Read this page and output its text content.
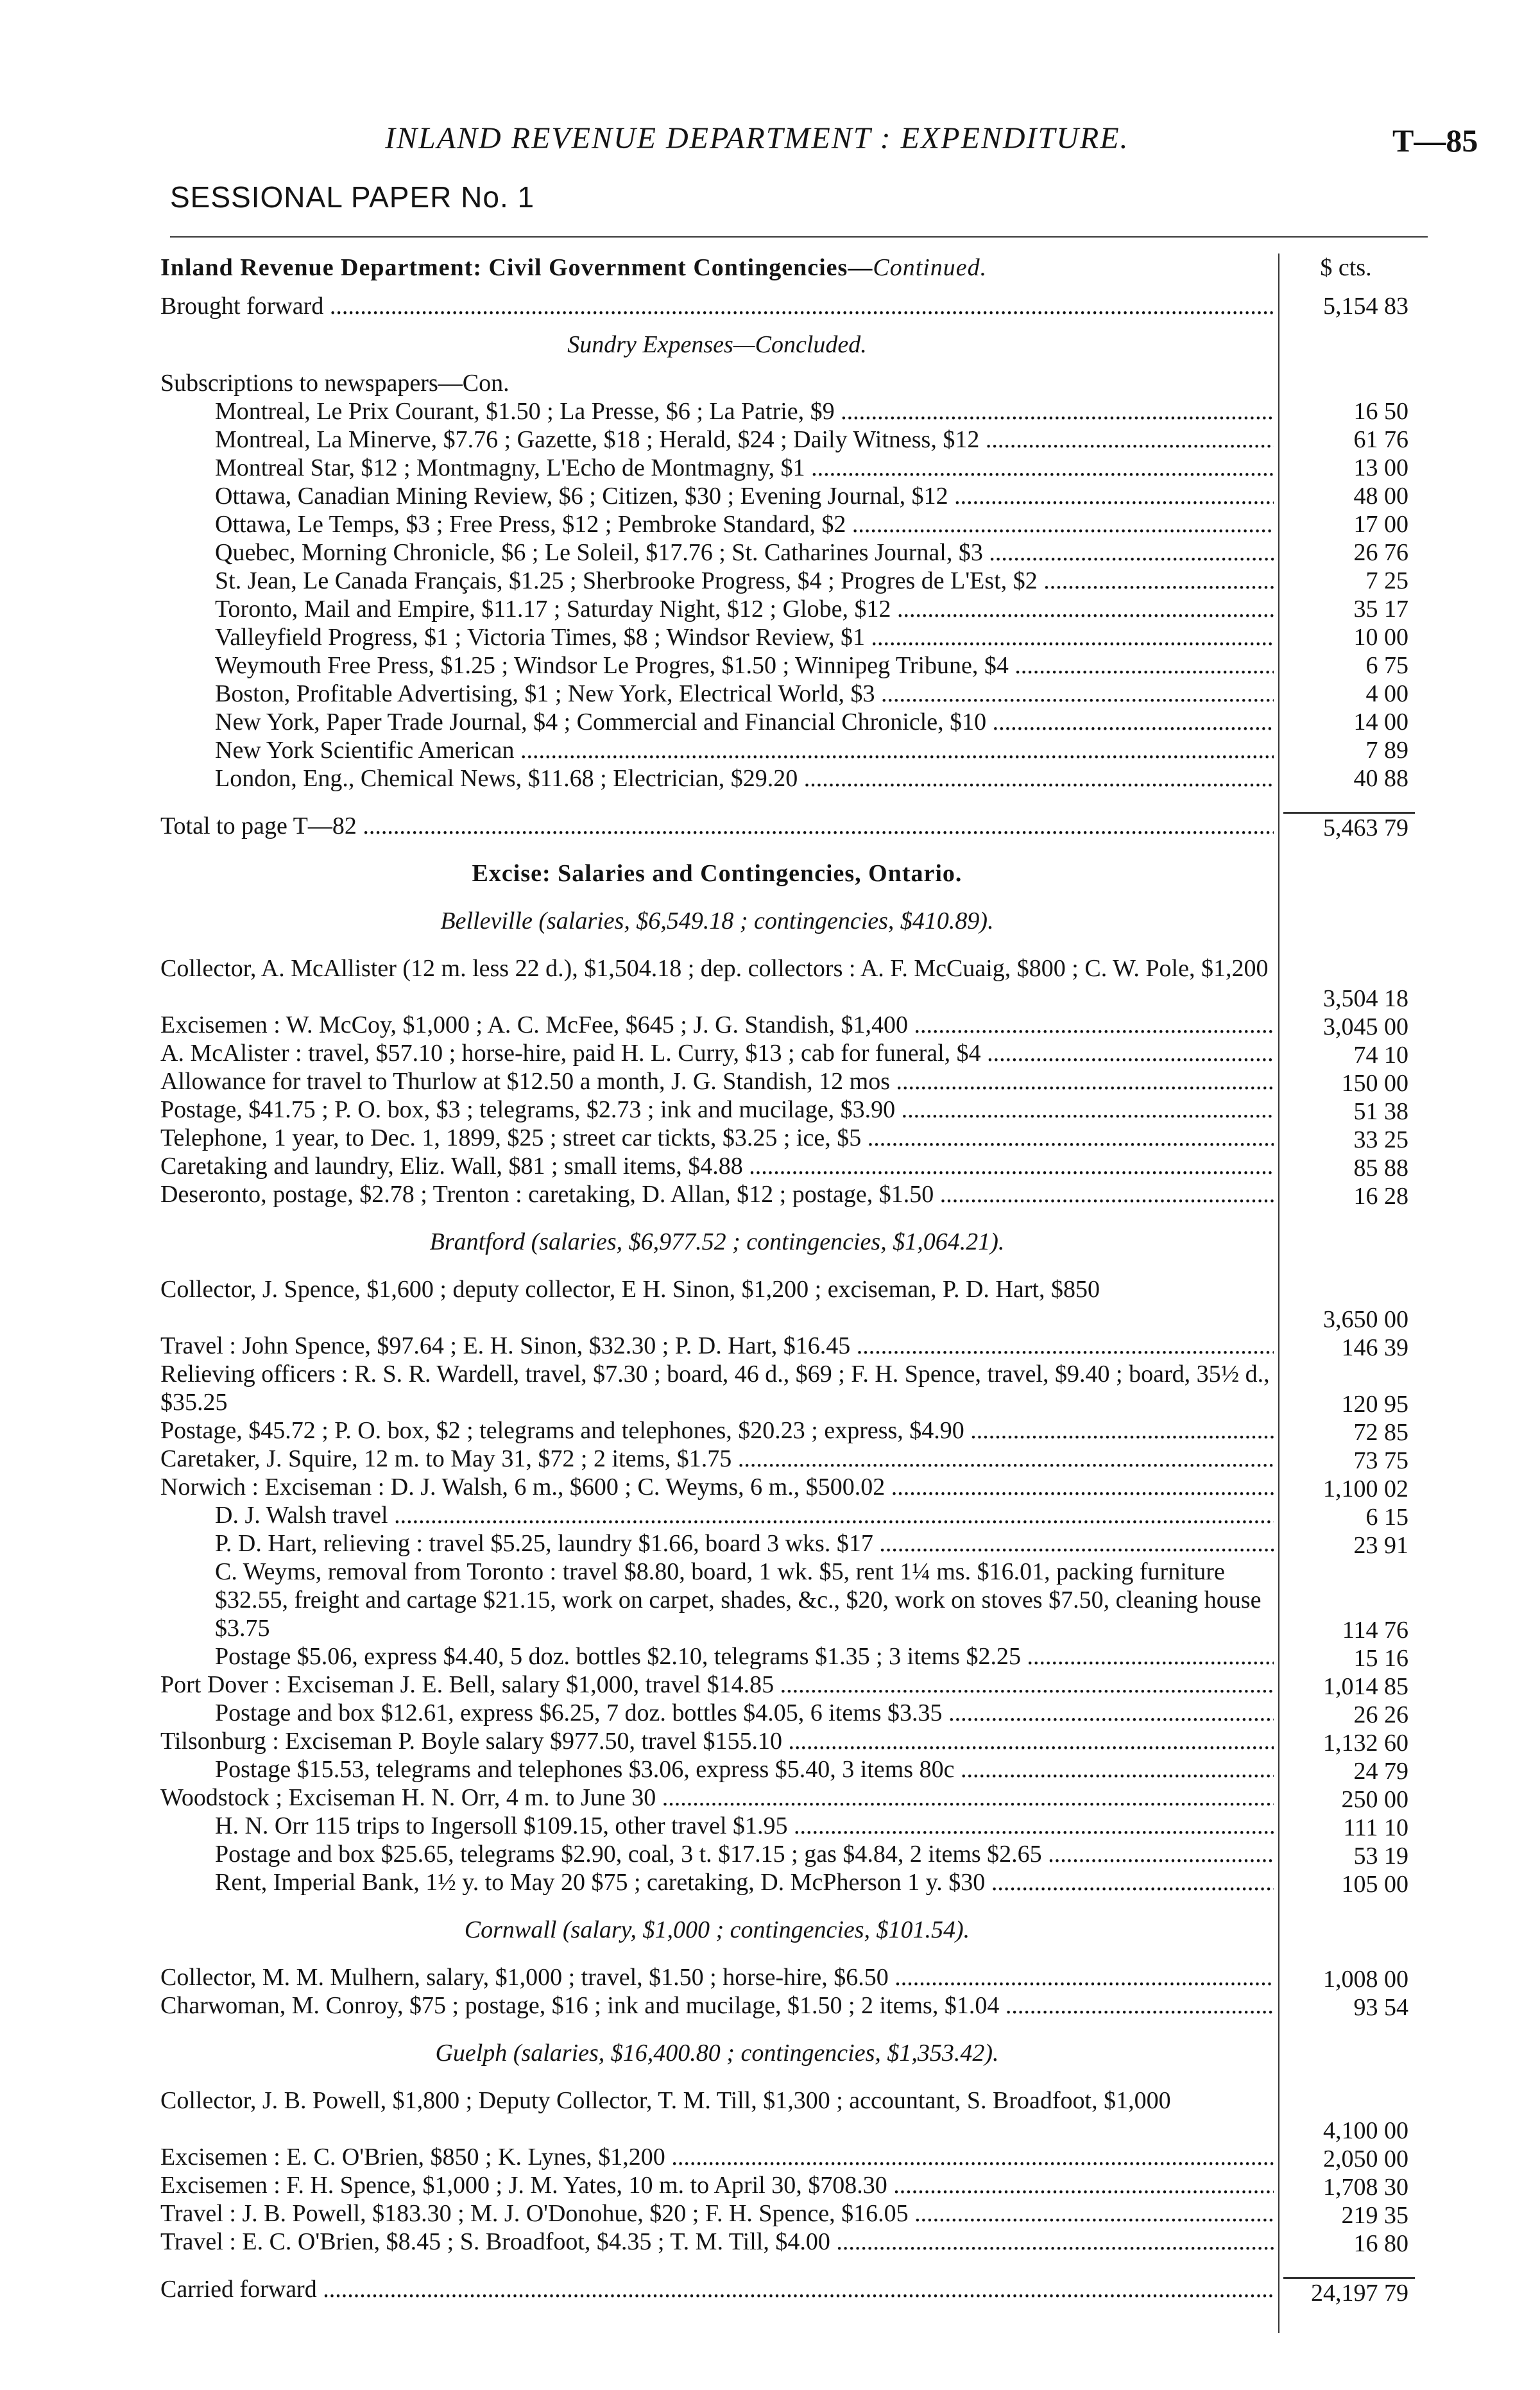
INLAND REVENUE DEPARTMENT : EXPENDITURE.	T—85
SESSIONAL PAPER No. 1
Inland Revenue Department: Civil Government Contingencies—Continued.
Brought forward .....
Sundry Expenses—Concluded.
Subscriptions to newspapers—Con.
Montreal, Le Prix Courant, $1.50 ; La Presse, $6 ; La Patrie, $9 .....
Montreal, La Minerve, $7.76 ; Gazette, $18 ; Herald, $24 ; Daily Witness, $12 .....
Montreal Star, $12 ; Montmagny, L'Echo de Montmagny, $1 .....
Ottawa, Canadian Mining Review, $6 ; Citizen, $30 ; Evening Journal, $12 .....
Ottawa, Le Temps, $3 ; Free Press, $12 ; Pembroke Standard, $2 .....
Quebec, Morning Chronicle, $6 ; Le Soleil, $17.76 ; St. Catharines Journal, $3 .....
St. Jean, Le Canada Français, $1.25 ; Sherbrooke Progress, $4 ; Progres de L'Est, $2 .....
Toronto, Mail and Empire, $11.17 ; Saturday Night, $12 ; Globe, $12 .....
Valleyfield Progress, $1 ; Victoria Times, $8 ; Windsor Review, $1 .....
Weymouth Free Press, $1.25 ; Windsor Le Progres, $1.50 ; Winnipeg Tribune, $4 .....
Boston, Profitable Advertising, $1 ; New York, Electrical World, $3 .....
New York, Paper Trade Journal, $4 ; Commercial and Financial Chronicle, $10 .....
New York Scientific American .....
London, Eng., Chemical News, $11.68 ; Electrician, $29.20 .....
Total to page T—82 .....
Excise: Salaries and Contingencies, Ontario.
Belleville (salaries, $6,549.18 ; contingencies, $410.89).
Collector, A. McAllister (12 m. less 22 d.), $1,504.18 ; dep. collectors : A. F. McCuaig, $800 ; C. W. Pole, $1,200
Excisemen : W. McCoy, $1,000 ; A. C. McFee, $645 ; J. G. Standish, $1,400 .....
A. McAlister : travel, $57.10 ; horse-hire, paid H. L. Curry, $13 ; cab for funeral, $4 .....
Allowance for travel to Thurlow at $12.50 a month, J. G. Standish, 12 mos .....
Postage, $41.75 ; P. O. box, $3 ; telegrams, $2.73 ; ink and mucilage, $3.90 .....
Telephone, 1 year, to Dec. 1, 1899, $25 ; street car tickts, $3.25 ; ice, $5 .....
Caretaking and laundry, Eliz. Wall, $81 ; small items, $4.88 .....
Deseronto, postage, $2.78 ; Trenton : caretaking, D. Allan, $12 ; postage, $1.50 .....
Brantford (salaries, $6,977.52 ; contingencies, $1,064.21).
Collector, J. Spence, $1,600 ; deputy collector, E H. Sinon, $1,200 ; exciseman, P. D. Hart, $850
Travel : John Spence, $97.64 ; E. H. Sinon, $32.30 ; P. D. Hart, $16.45 .....
Relieving officers : R. S. R. Wardell, travel, $7.30 ; board, 46 d., $69 ; F. H. Spence, travel, $9.40 ; board, 35½ d., $35.25
Postage, $45.72 ; P. O. box, $2 ; telegrams and telephones, $20.23 ; express, $4.90 .....
Caretaker, J. Squire, 12 m. to May 31, $72 ; 2 items, $1.75 .....
Norwich : Exciseman : D. J. Walsh, 6 m., $600 ; C. Weyms, 6 m., $500.02 .....
D. J. Walsh travel .....
P. D. Hart, relieving : travel $5.25, laundry $1.66, board 3 wks. $17 .....
C. Weyms, removal from Toronto : travel $8.80, board, 1 wk. $5, rent 1¼ ms. $16.01, packing furniture $32.55, freight and cartage $21.15, work on carpet, shades, &c., $20, work on stoves $7.50, cleaning house $3.75
Postage $5.06, express $4.40, 5 doz. bottles $2.10, telegrams $1.35 ; 3 items $2.25 .....
Port Dover : Exciseman J. E. Bell, salary $1,000, travel $14.85 .....
Postage and box $12.61, express $6.25, 7 doz. bottles $4.05, 6 items $3.35 .....
Tilsonburg : Exciseman P. Boyle salary $977.50, travel $155.10 .....
Postage $15.53, telegrams and telephones $3.06, express $5.40, 3 items 80c .....
Woodstock ; Exciseman H. N. Orr, 4 m. to June 30 .....
H. N. Orr 115 trips to Ingersoll $109.15, other travel $1.95 .....
Postage and box $25.65, telegrams $2.90, coal, 3 t. $17.15 ; gas $4.84, 2 items $2.65 .....
Rent, Imperial Bank, 1½ y. to May 20 $75 ; caretaking, D. McPherson 1 y. $30 .....
Cornwall (salary, $1,000 ; contingencies, $101.54).
Collector, M. M. Mulhern, salary, $1,000 ; travel, $1.50 ; horse-hire, $6.50 .....
Charwoman, M. Conroy, $75 ; postage, $16 ; ink and mucilage, $1.50 ; 2 items, $1.04 .....
Guelph (salaries, $16,400.80 ; contingencies, $1,353.42).
Collector, J. B. Powell, $1,800 ; Deputy Collector, T. M. Till, $1,300 ; accountant, S. Broadfoot, $1,000
Excisemen : E. C. O'Brien, $850 ; K. Lynes, $1,200 .....
Excisemen : F. H. Spence, $1,000 ; J. M. Yates, 10 m. to April 30, $708.30 .....
Travel : J. B. Powell, $183.30 ; M. J. O'Donohue, $20 ; F. H. Spence, $16.05 .....
Travel : E. C. O'Brien, $8.45 ; S. Broadfoot, $4.35 ; T. M. Till, $4.00 .....
Carried forward .....
$ cts.
5,154 83
16 50
61 76
13 00
48 00
17 00
26 76
7 25
35 17
10 00
6 75
4 00
14 00
7 89
40 88
5,463 79
3,504 18
3,045 00
74 10
150 00
51 38
33 25
85 88
16 28
3,650 00
146 39
120 95
72 85
73 75
1,100 02
6 15
23 91
114 76
15 16
1,014 85
26 26
1,132 60
24 79
250 00
111 10
53 19
105 00
1,008 00
93 54
4,100 00
2,050 00
1,708 30
219 35
16 80
24,197 79
